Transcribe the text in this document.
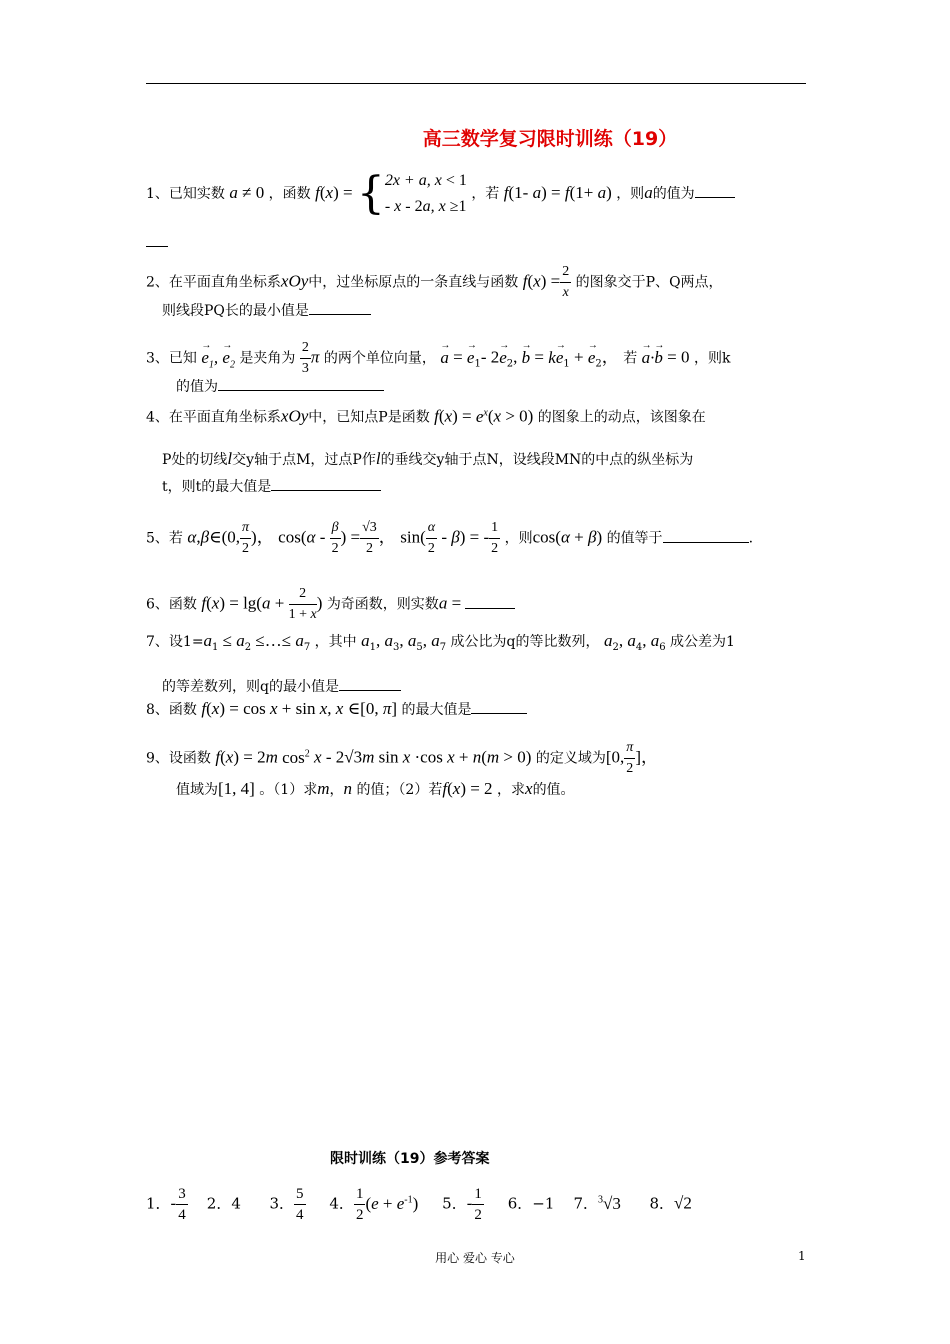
高三数学复习限时训练（19）
1、已知实数 a ≠ 0 ，函数 f(x) = {2x + a, x < 1
- x - 2a, x ≥1 ，若 f(1- a) = f(1+ a) ，则a的值为
2、在平面直角坐标系xOy中，过坐标原点的一条直线与函数 $f(x) = \frac{2}{x}$ 的图象交于P、Q两点，
则线段PQ长的最小值是
3、已知 → $e_1$, → $e_2$ 是夹角为 $\frac{2}{3}$ π 的两个单位向量， → a = → $e_1-$ $2\to e_2$, → $b = k\to e_1$ + → $e_2$， 若 → a·→ b = 0 ，则k
的值为
4、在平面直角坐标系xOy中，已知点P是函数 $f(x) = e^x(x > 0)$ 的图象上的动点，该图象在
P处的切线l交y轴于点M，过点P作l的垂线交y轴于点N，设线段MN的中点的纵坐标为
t，则t的最大值是
5、若 α,β∈(0, $\frac{\pi}{2}$ )， $\cos(\alpha - \frac{\beta}{2}$ ) = $\frac{√3}{2}$ ， $\sin( \frac{\alpha}{2} - \beta)$ = - $\frac{1}{2}$ ，则cos(α + β) 的值等于	.
6、函数 $f(x) = \lg(a + \frac{2}{1 + x}$ ) 为奇函数，则实数a =
7、设$1=a_1 \le a_2$ ≤…≤ $a_7$ ，其中 $a_1$, $a_3$, $a_5$, $a_7$ 成公比为q的等比数列， $a_2$, $a_4$, $a_6$ 成公差为1
的等差数列，则q的最小值是
8、函数 f(x) = cos x + sin x, x ∈[0, π] 的最大值是
9、设函数 f(x) = 2m $\cos^2 x - 2√3m$ sin x ·cos x + n(m > 0) 的定义域为[0, $\frac{\pi}{2}$ ]，
值域为[1, 4] 。（1）求m，n 的值；（2）若f(x) = 2 ，求x的值。
限时训练（19）参考答案
1．- $\frac{3}{4} 2$．4 3． $\frac{5}{4} 4$． $\frac{1}{2} (e + e^{-1})$ 5．- $\frac{1}{2} 6$．−1 7．$^3$√3 8．√2
用心 爱心 专心	1
